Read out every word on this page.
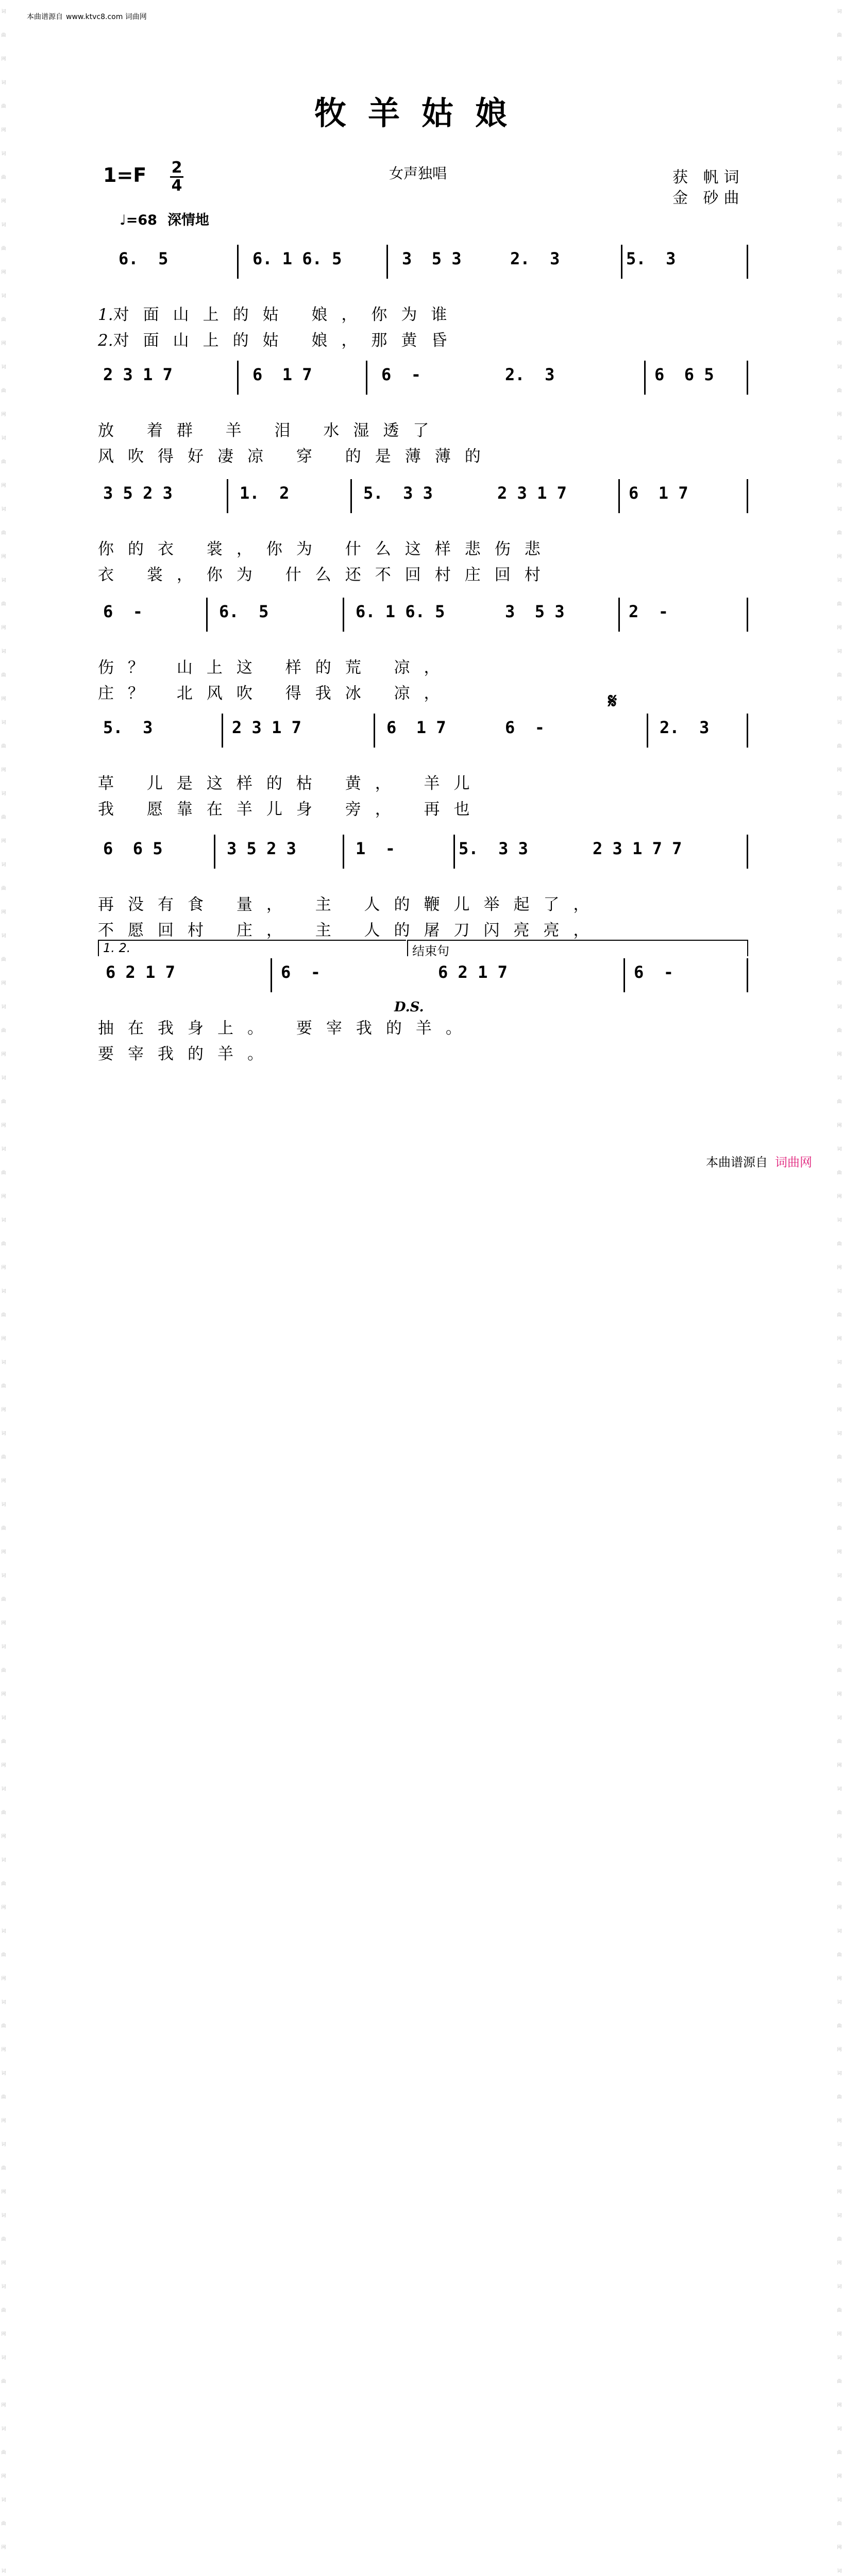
本曲谱源自 www.ktvc8.com 词曲网
词曲网词曲网词曲网词曲网词曲网词曲网词曲网词曲网词曲网词曲网词曲网词曲网词曲网词曲网词曲网词曲网词曲网词曲网词曲网词曲网词曲网词曲网词曲网词曲网词曲网词曲网词曲网词曲网词曲网词曲网词曲网词曲网词曲网词曲网词曲网词曲网词
词曲网词曲网词曲网词曲网词曲网词曲网词曲网词曲网词曲网词曲网词曲网词曲网词曲网词曲网词曲网词曲网词曲网词曲网词曲网词曲网词曲网词曲网词曲网词曲网词曲网词曲网词曲网词曲网词曲网词曲网词曲网词曲网词曲网词曲网词曲网词曲网词
牧羊姑娘
1=F 2
4
女声独唱	获 帆词
金 砂曲
♩=68 深情地
6.  5	6. 1 6. 5	3  5 3	2.  3	5.  3
1.对面山上的姑 娘，你为谁
2.对面山上的姑 娘，那黄昏
2 3 1 7	6  1 7	6  -	2.  3	6  6 5
放 着群 羊 泪 水湿透了
风吹得好凄凉 穿 的是薄薄的
3 5 2 3	1.  2	5.  3 3	2 3 1 7	6  1 7
你的衣 裳，你为 什么这样悲伤悲
衣 裳，你为 什么还不回村庄回村
6  -	6.  5	6. 1 6. 5	3  5 3	2  -
伤？ 山上这 样的荒 凉，
庄？ 北风吹 得我冰 凉，
5.  3	2 3 1 7	6  1 7	6  -	2.  3
草 儿是这样的枯 黄， 羊儿
我 愿靠在羊儿身 旁， 再也
6  6 5	3 5 2 3	1  -	5.  3 3	2 3 1 7 7
再没有食 量， 主 人的鞭儿举起了，
不愿回村 庄， 主 人的屠刀闪亮亮，
6 2 1 7	6  -	6 2 1 7	6  -
抽在我身上。 要宰我的羊。
要宰我的羊。
1. 2.	结束句
𝄋
D.S.
本曲谱源自 词曲网
